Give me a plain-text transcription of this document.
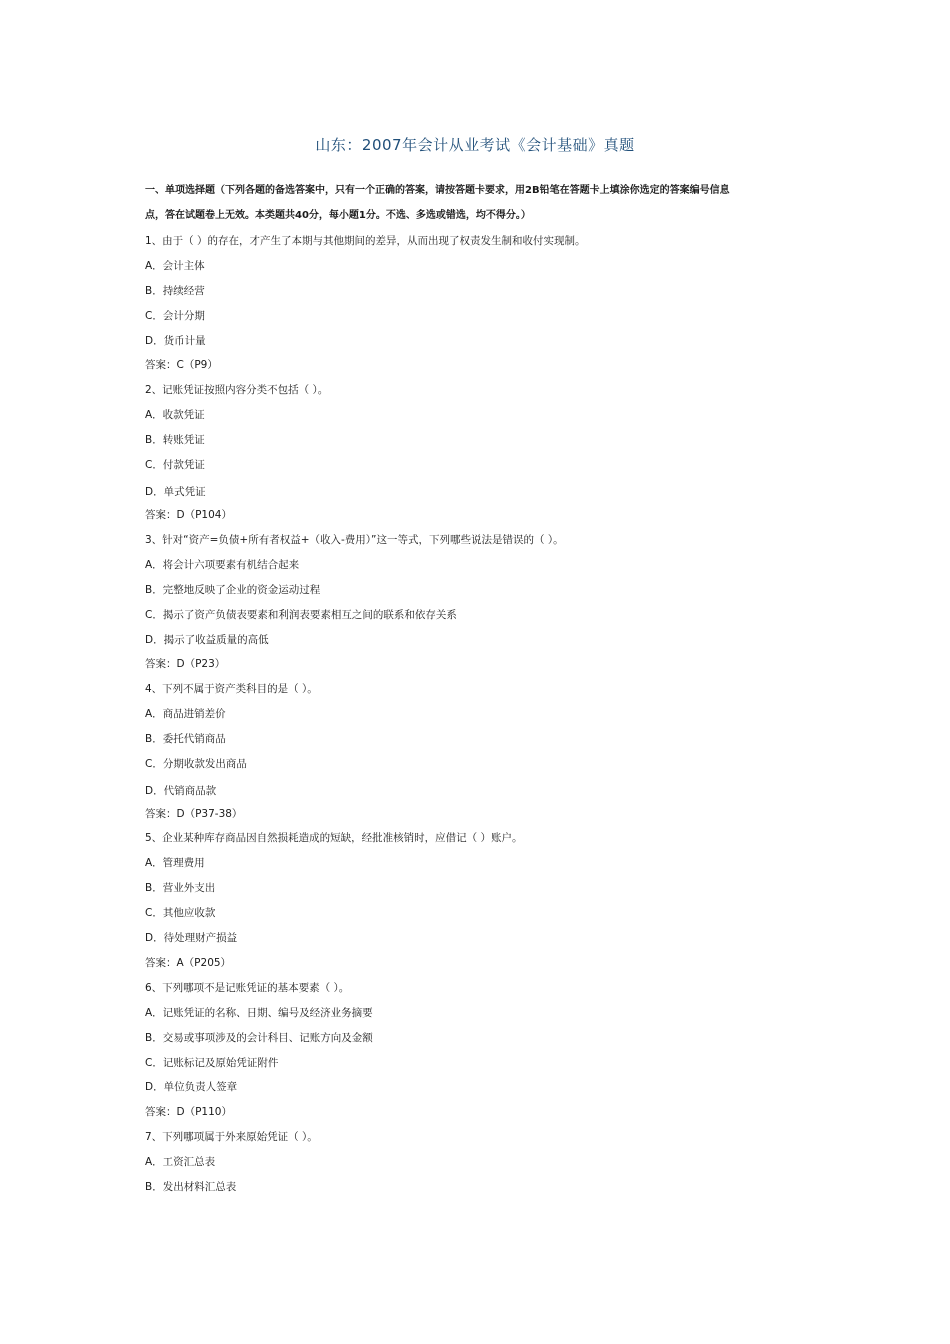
山东：2007年会计从业考试《会计基础》真题
一、单项选择题（下列各题的备选答案中，只有一个正确的答案，请按答题卡要求，用2B铅笔在答题卡上填涂你选定的答案编号信息
点，答在试题卷上无效。本类题共40分，每小题1分。不选、多选或错选，均不得分。）
1、由于（ ）的存在，才产生了本期与其他期间的差异，从而出现了权责发生制和收付实现制。
A．会计主体
B．持续经营
C．会计分期
D．货币计量
答案：C（P9）
2、记账凭证按照内容分类不包括（ ）。
A．收款凭证
B．转账凭证
C．付款凭证
D．单式凭证
答案：D（P104）
3、针对“资产=负债+所有者权益+（收入-费用）”这一等式，下列哪些说法是错误的（ ）。
A．将会计六项要素有机结合起来
B．完整地反映了企业的资金运动过程
C．揭示了资产负债表要素和利润表要素相互之间的联系和依存关系
D．揭示了收益质量的高低
答案：D（P23）
4、下列不属于资产类科目的是（ ）。
A．商品进销差价
B．委托代销商品
C．分期收款发出商品
D．代销商品款
答案：D（P37-38）
5、企业某种库存商品因自然损耗造成的短缺，经批准核销时，应借记（ ）账户。
A．管理费用
B．营业外支出
C．其他应收款
D．待处理财产损益
答案：A（P205）
6、下列哪项不是记账凭证的基本要素（ ）。
A．记账凭证的名称、日期、编号及经济业务摘要
B．交易或事项涉及的会计科目、记账方向及金额
C．记账标记及原始凭证附件
D．单位负责人签章
答案：D（P110）
7、下列哪项属于外来原始凭证（ ）。
A．工资汇总表
B．发出材料汇总表
